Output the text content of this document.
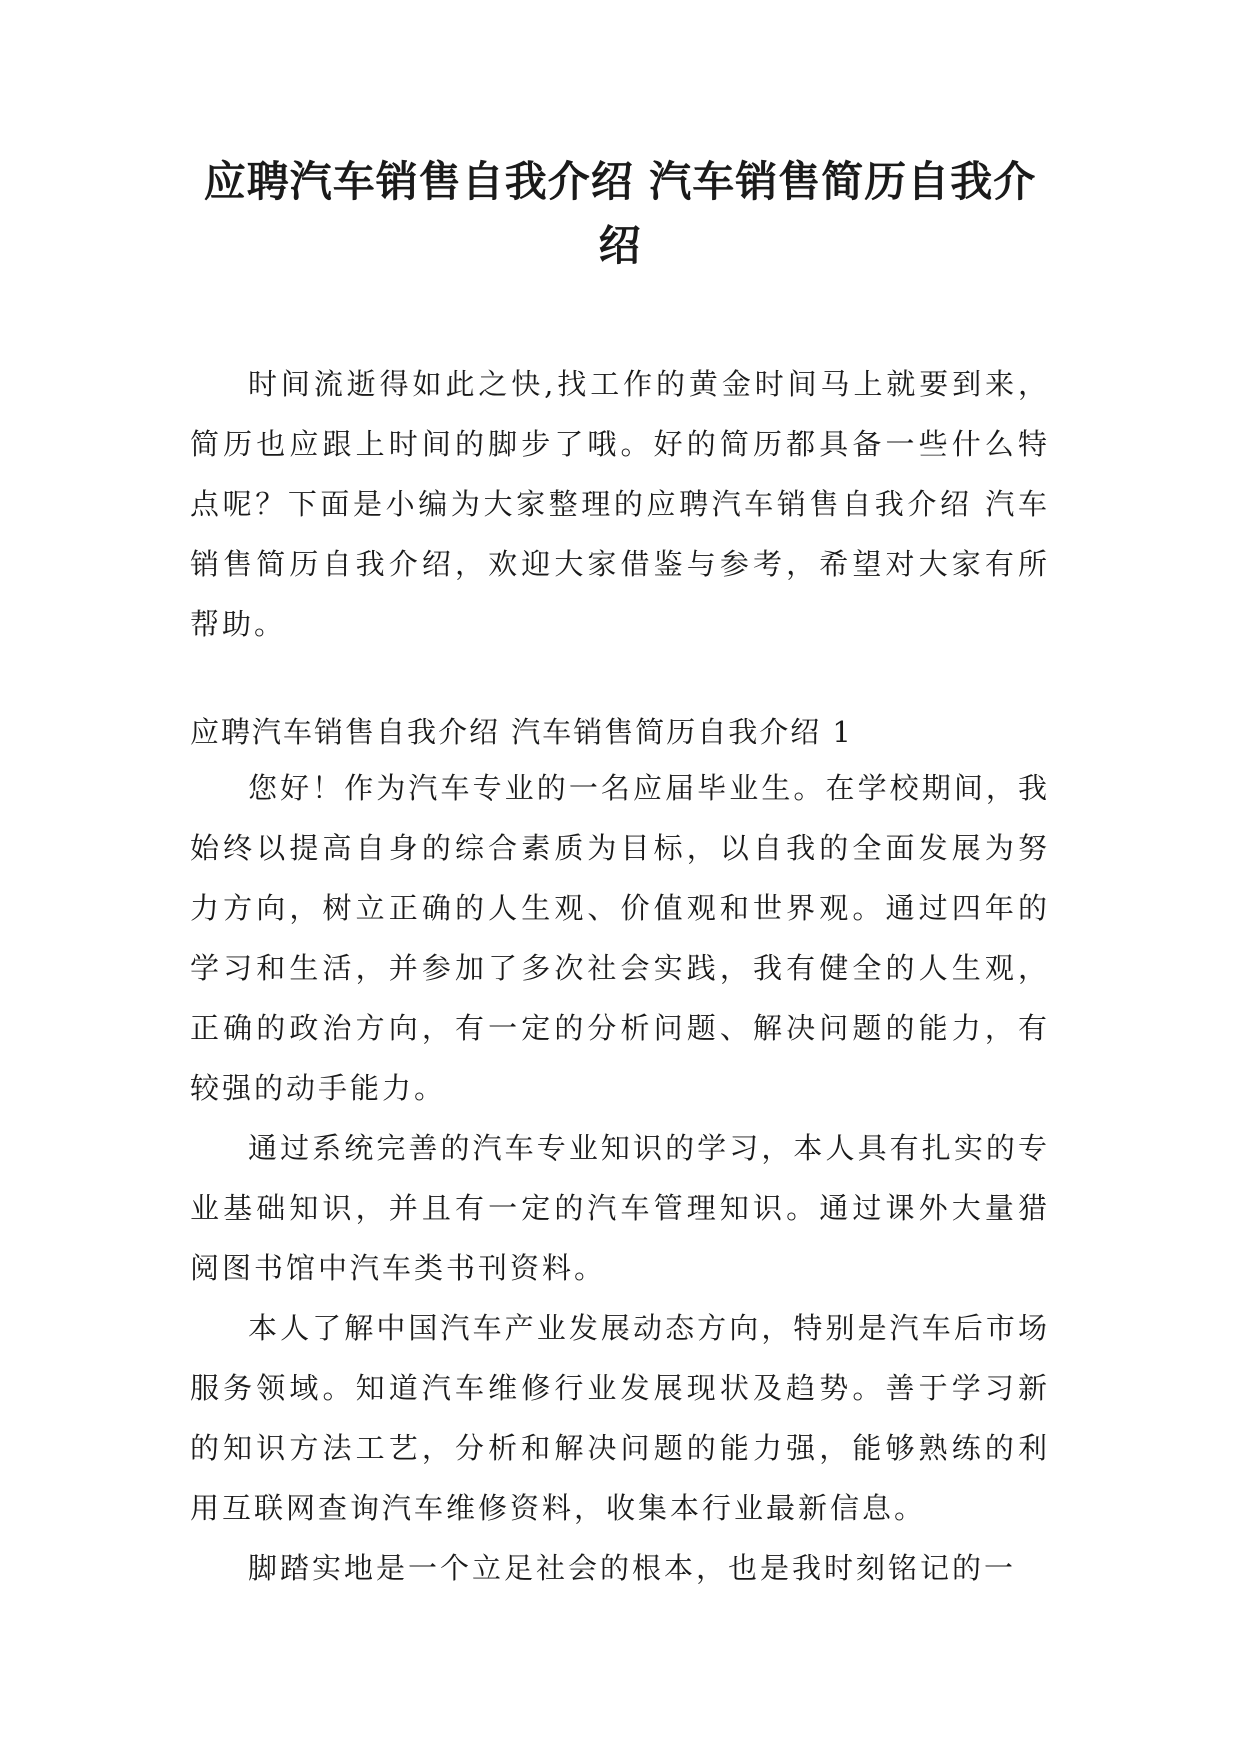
应聘汽车销售自我介绍 汽车销售简历自我介绍

时间流逝得如此之快,找工作的黄金时间马上就要到来，简历也应跟上时间的脚步了哦。好的简历都具备一些什么特点呢？下面是小编为大家整理的应聘汽车销售自我介绍 汽车销售简历自我介绍，欢迎大家借鉴与参考，希望对大家有所帮助。

应聘汽车销售自我介绍 汽车销售简历自我介绍 1

您好！作为汽车专业的一名应届毕业生。在学校期间，我始终以提高自身的综合素质为目标，以自我的全面发展为努力方向，树立正确的人生观、价值观和世界观。通过四年的学习和生活，并参加了多次社会实践，我有健全的人生观，正确的政治方向，有一定的分析问题、解决问题的能力，有较强的动手能力。

通过系统完善的汽车专业知识的学习，本人具有扎实的专业基础知识，并且有一定的汽车管理知识。通过课外大量猎阅图书馆中汽车类书刊资料。

本人了解中国汽车产业发展动态方向，特别是汽车后市场服务领域。知道汽车维修行业发展现状及趋势。善于学习新的知识方法工艺，分析和解决问题的能力强，能够熟练的利用互联网查询汽车维修资料，收集本行业最新信息。

脚踏实地是一个立足社会的根本，也是我时刻铭记的一
